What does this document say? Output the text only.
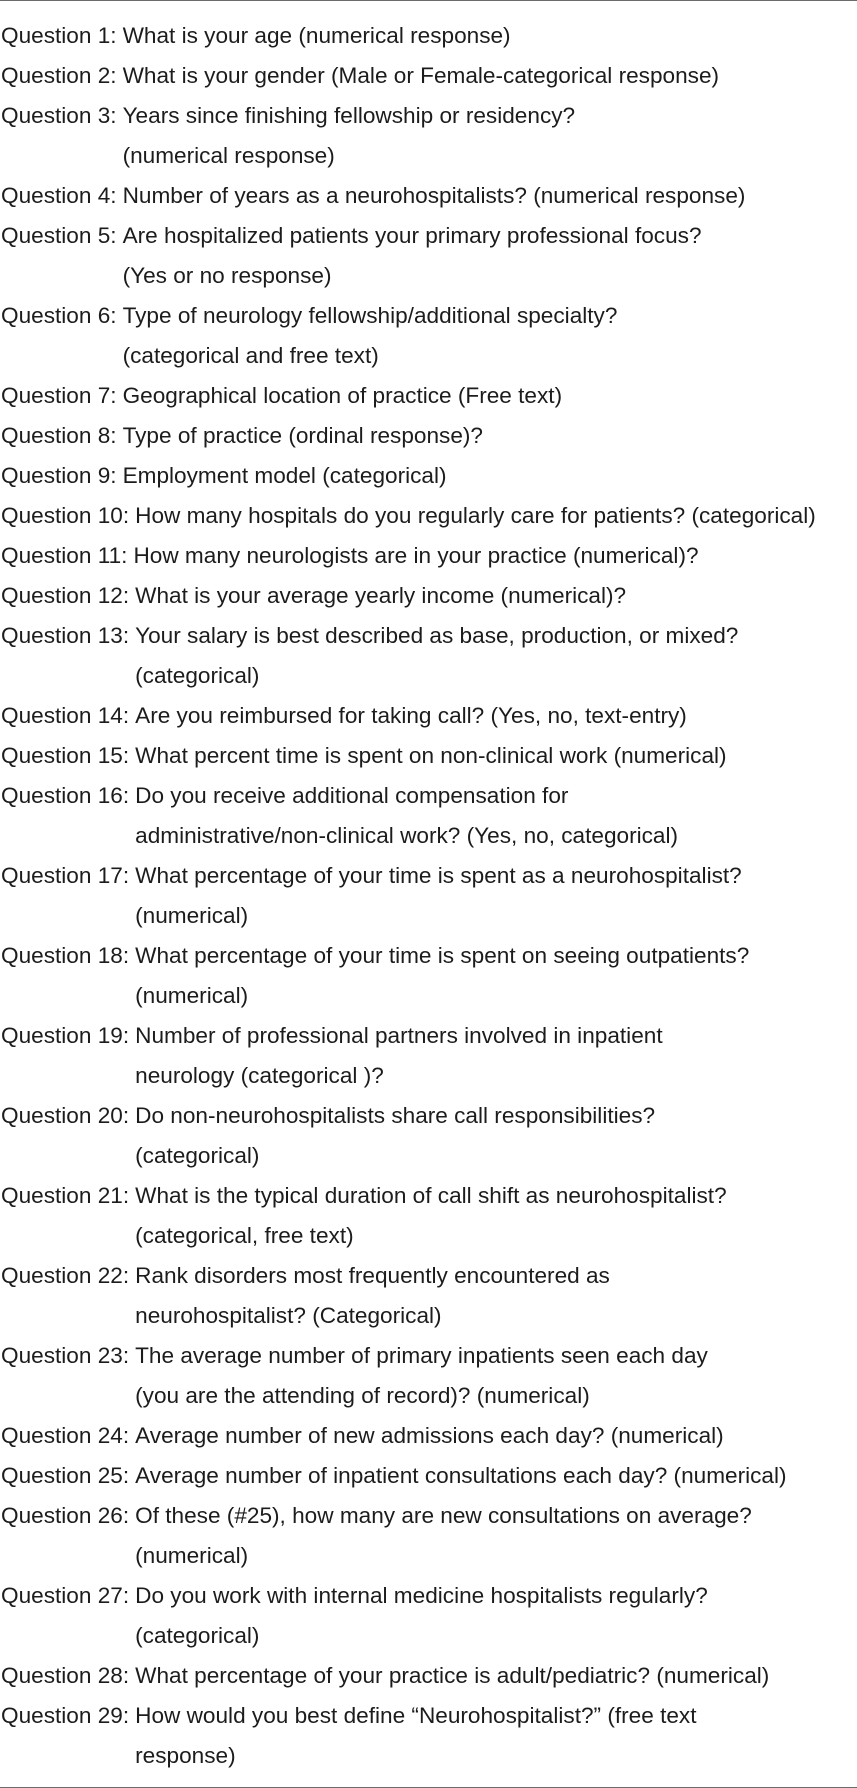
Question 1: What is your age (numerical response)
Question 2: What is your gender (Male or Female-categorical response)
Question 3: Years since finishing fellowship or residency?
(numerical response)
Question 4: Number of years as a neurohospitalists? (numerical response)
Question 5: Are hospitalized patients your primary professional focus?
(Yes or no response)
Question 6: Type of neurology fellowship/additional specialty?
(categorical and free text)
Question 7: Geographical location of practice (Free text)
Question 8: Type of practice (ordinal response)?
Question 9: Employment model (categorical)
Question 10: How many hospitals do you regularly care for patients? (categorical)
Question 11: How many neurologists are in your practice (numerical)?
Question 12: What is your average yearly income (numerical)?
Question 13: Your salary is best described as base, production, or mixed?
(categorical)
Question 14: Are you reimbursed for taking call? (Yes, no, text-entry)
Question 15: What percent time is spent on non-clinical work (numerical)
Question 16: Do you receive additional compensation for
administrative/non-clinical work? (Yes, no, categorical)
Question 17: What percentage of your time is spent as a neurohospitalist?
(numerical)
Question 18: What percentage of your time is spent on seeing outpatients?
(numerical)
Question 19: Number of professional partners involved in inpatient
neurology (categorical )?
Question 20: Do non-neurohospitalists share call responsibilities?
(categorical)
Question 21: What is the typical duration of call shift as neurohospitalist?
(categorical, free text)
Question 22: Rank disorders most frequently encountered as
neurohospitalist? (Categorical)
Question 23: The average number of primary inpatients seen each day
(you are the attending of record)? (numerical)
Question 24: Average number of new admissions each day? (numerical)
Question 25: Average number of inpatient consultations each day? (numerical)
Question 26: Of these (#25), how many are new consultations on average?
(numerical)
Question 27: Do you work with internal medicine hospitalists regularly?
(categorical)
Question 28: What percentage of your practice is adult/pediatric? (numerical)
Question 29: How would you best define “Neurohospitalist?” (free text
response)
